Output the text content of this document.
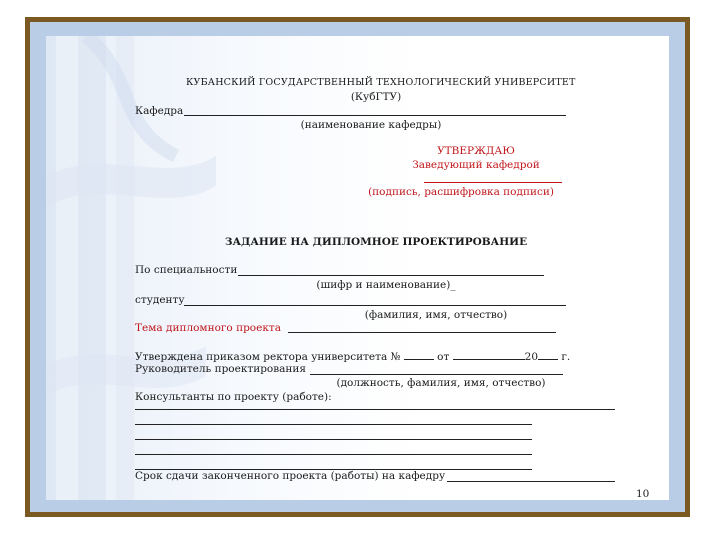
КУБАНСКИЙ ГОСУДАРСТВЕННЫЙ ТЕХНОЛОГИЧЕСКИЙ УНИВЕРСИТЕТ
(КубГТУ)
Кафедра
(наименование кафедры)
УТВЕРЖДАЮ
Заведующий кафедрой
(подпись, расшифровка подписи)
ЗАДАНИЕ НА ДИПЛОМНОЕ ПРОЕКТИРОВАНИЕ
По специальности
(шифр и наименование)_
студенту
(фамилия, имя, отчество)
Тема дипломного проекта
Утверждена приказом ректора университета №	от	20 г.
Руководитель проектирования
(должность, фамилия, имя, отчество)
Консультанты по проекту (работе):
Срок сдачи законченного проекта (работы) на кафедру
10
